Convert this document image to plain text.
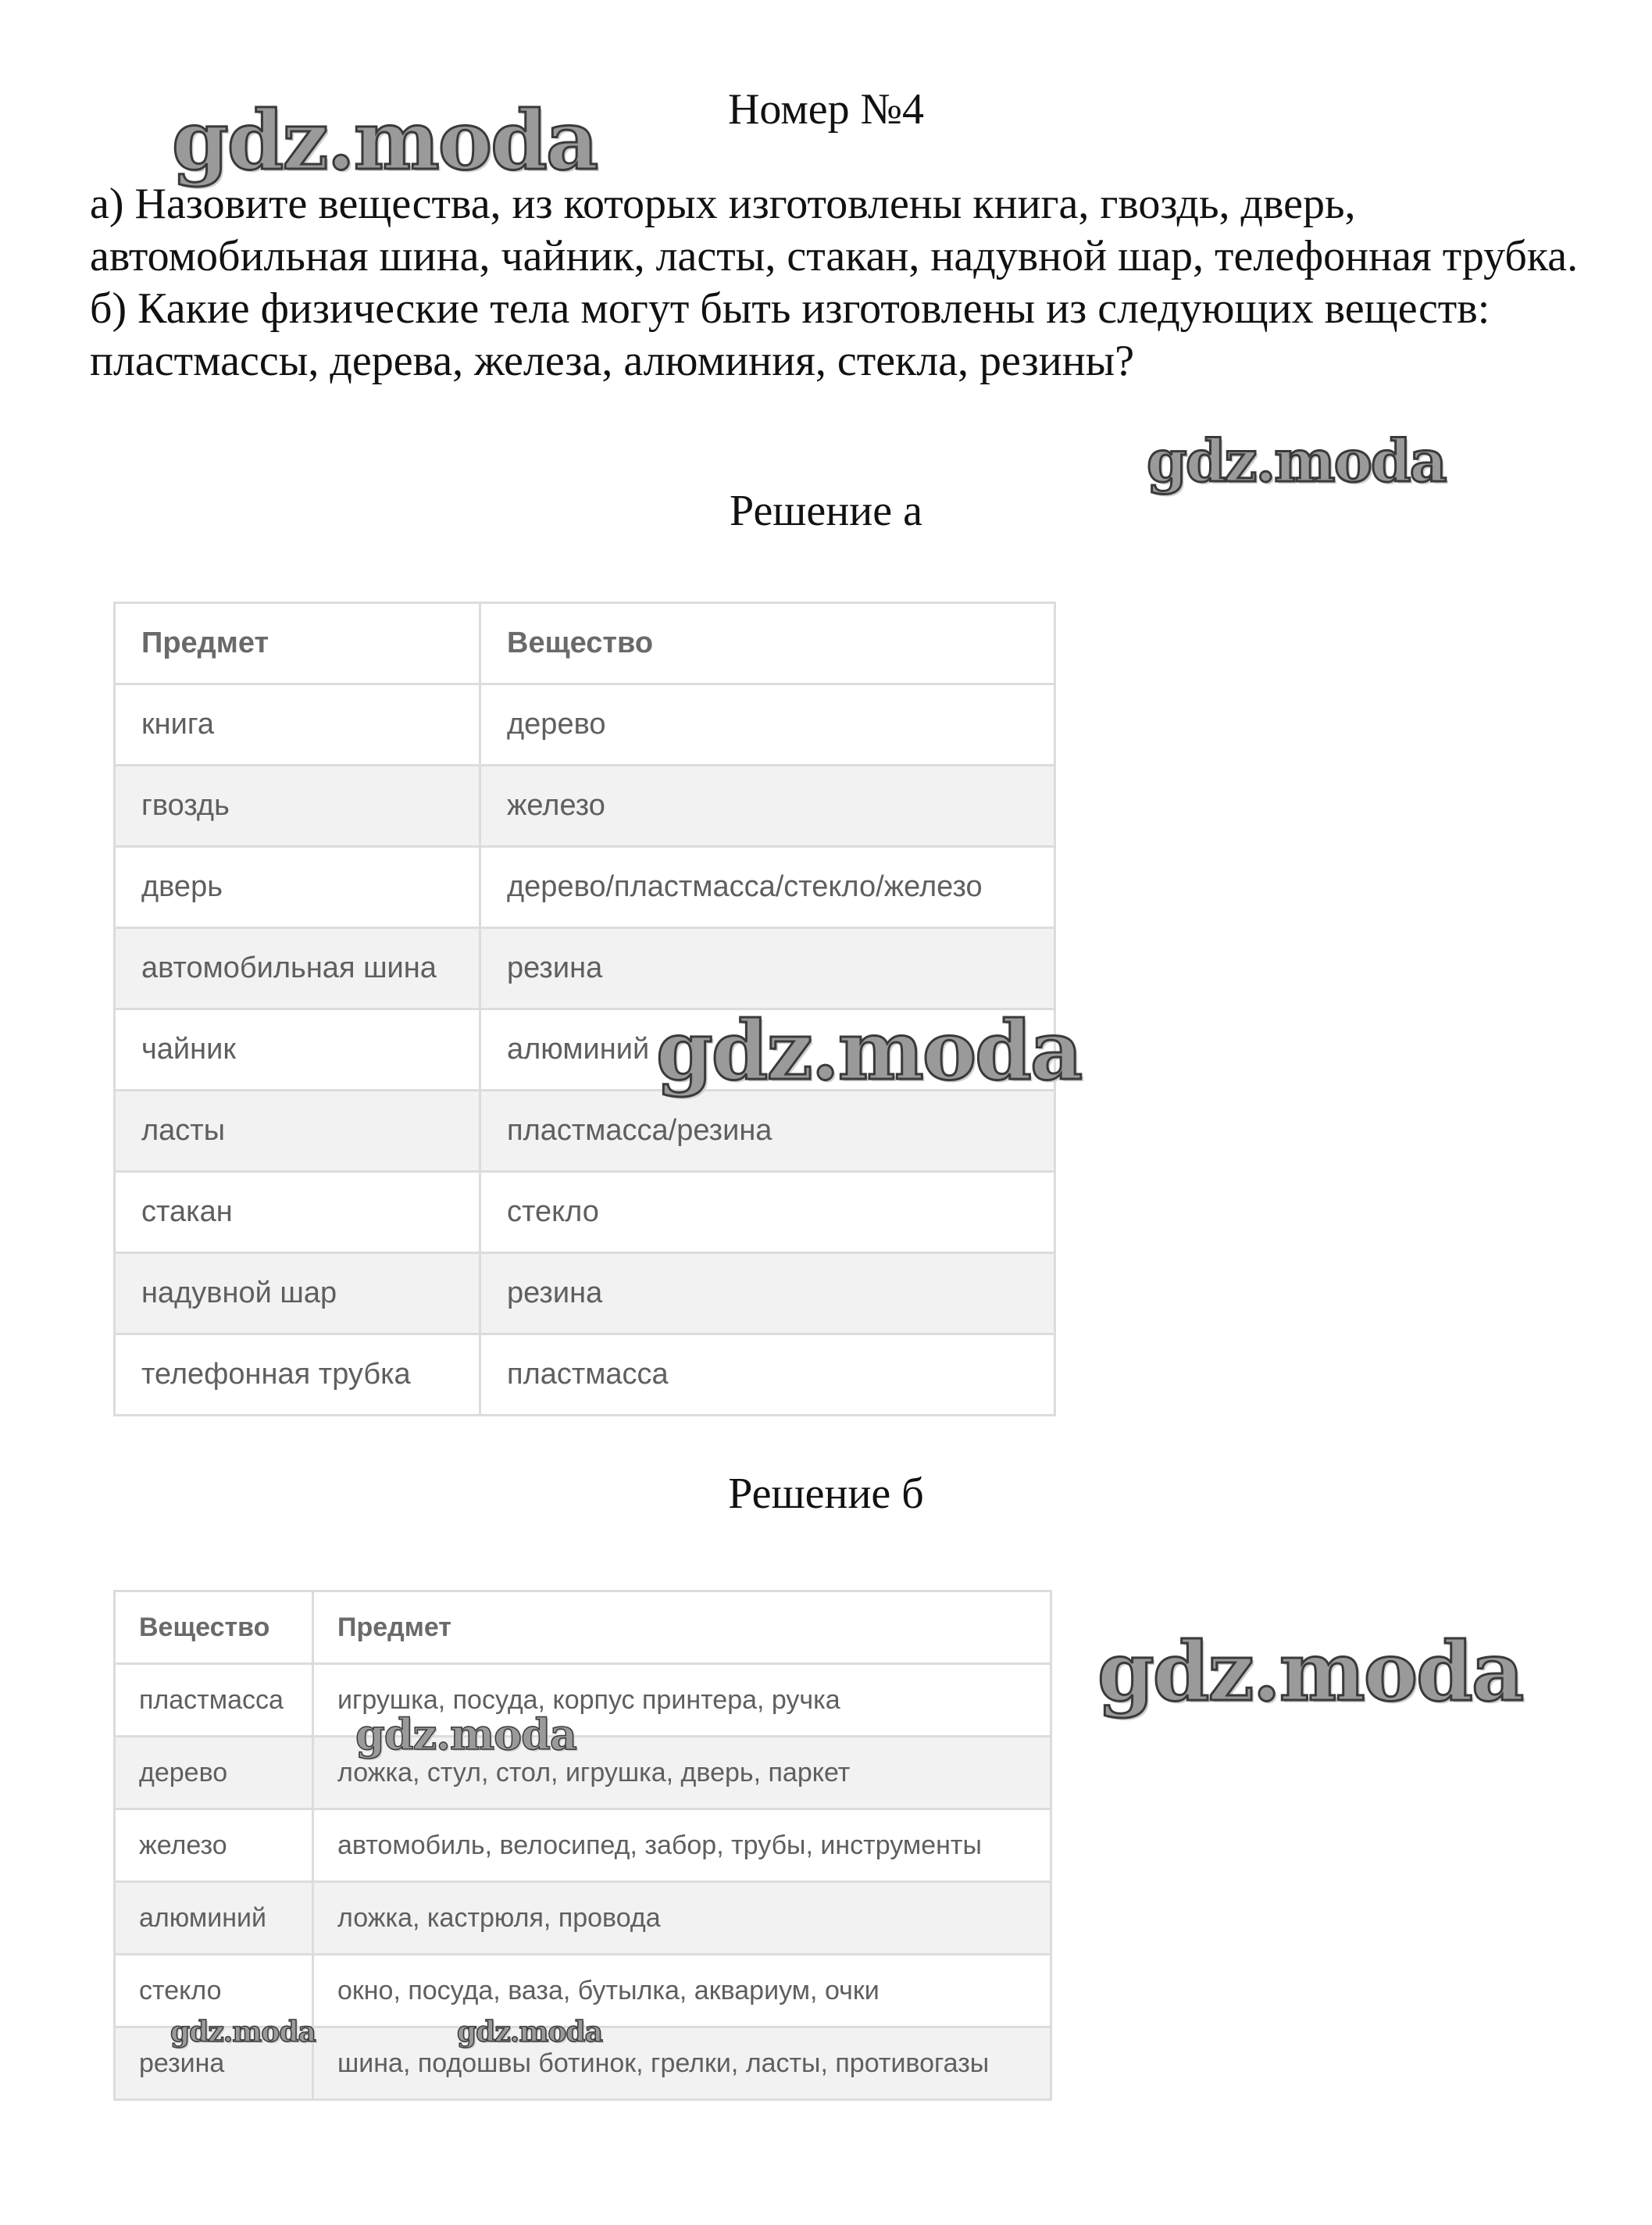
Номер №4

а) Назовите вещества, из которых изготовлены книга, гвоздь, дверь, автомобильная шина, чайник, ласты, стакан, надувной шар, телефонная трубка.

б) Какие физические тела могут быть изготовлены из следующих веществ: пластмассы, дерева, железа, алюминия, стекла, резины?

Решение а
Предмет	Вещество
книга	дерево
гвоздь	железо
дверь	дерево/пластмасса/стекло/железо
автомобильная шина	резина
чайник	алюминий
ласты	пластмасса/резина
стакан	стекло
надувной шар	резина
телефонная трубка	пластмасса
Решение б
Вещество	Предмет
пластмасса	игрушка, посуда, корпус принтера, ручка
дерево	ложка, стул, стол, игрушка, дверь, паркет
железо	автомобиль, велосипед, забор, трубы, инструменты
алюминий	ложка, кастрюля, провода
стекло	окно, посуда, ваза, бутылка, аквариум, очки
резина	шина, подошвы ботинок, грелки, ласты, противогазы
gdz.moda
gdz.moda
gdz.moda
gdz.moda
gdz.moda
gdz.moda	gdz.moda
